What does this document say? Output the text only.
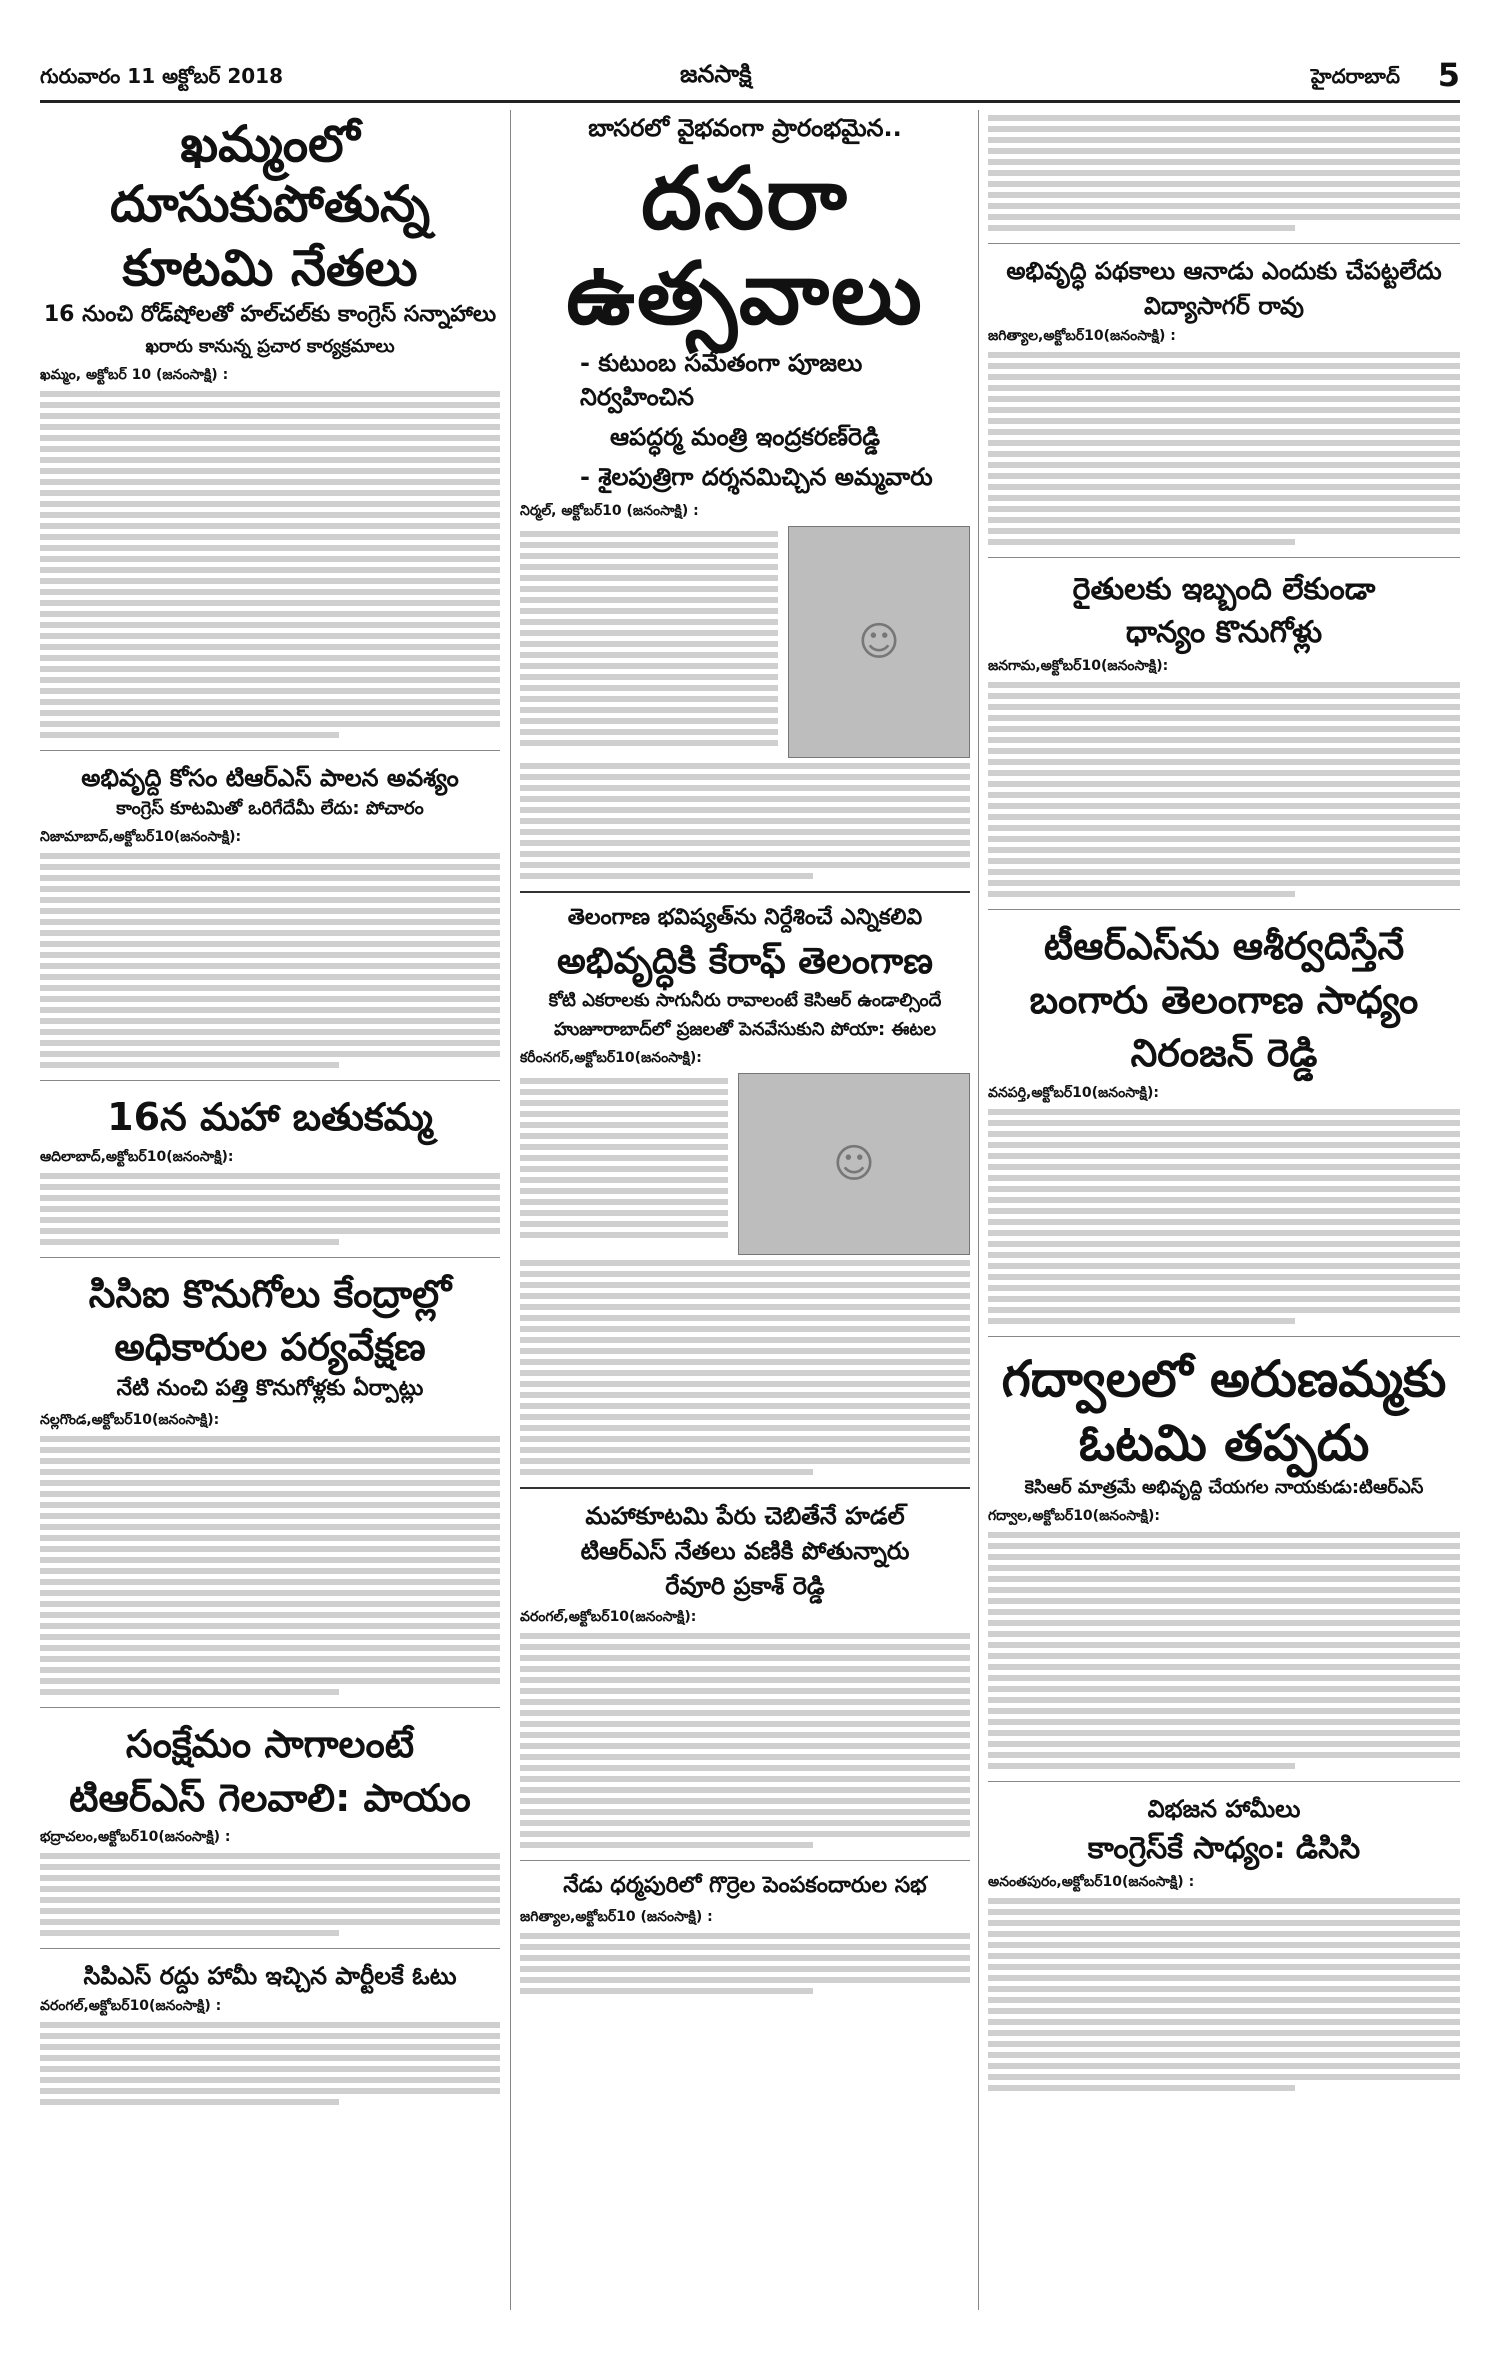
గురువారం 11 అక్టోబర్ 2018	జనసాక్షి	హైదరాబాద్ 5
ఖమ్మంలో దూసుకుపోతున్న
కూటమి నేతలు
16 నుంచి రోడ్‌షోలతో హల్‌చల్‌కు కాంగ్రెస్‌ సన్నాహాలు
ఖరారు కానున్న ప్రచార కార్యక్రమాలు
ఖమ్మం, అక్టోబర్‌ 10 (జనంసాక్షి) :
అభివృద్ది కోసం టిఆర్‌ఎస్‌ పాలన అవశ్యం
కాంగ్రెస్‌ కూటమితో ఒరిగేదేమీ లేదు: పోచారం
నిజామాబాద్‌,అక్టోబర్‌10(జనంసాక్షి):
16న మహా బతుకమ్మ
ఆదిలాబాద్‌,అక్టోబర్‌10(జనంసాక్షి):
సిసిఐ కొనుగోలు కేంద్రాల్లో
అధికారుల పర్యవేక్షణ
నేటి నుంచి పత్తి కొనుగోళ్లకు ఏర్పాట్లు
నల్లగొండ,అక్టోబర్‌10(జనంసాక్షి):
సంక్షేమం సాగాలంటే
టిఆర్‌ఎస్‌ గెలవాలి: పాయం
భద్రాచలం,అక్టోబర్‌10(జనంసాక్షి) :
సిపిఎస్‌ రద్దు హామీ ఇచ్చిన పార్టీలకే ఓటు
వరంగల్‌,అక్టోబర్‌10(జనంసాక్షి) :
బాసరలో వైభవంగా ప్రారంభమైన..
దసరా ఉత్సవాలు
- కుటుంబ సమేతంగా పూజలు నిర్వహించిన
ఆపద్ధర్మ మంత్రి ఇంద్రకరణ్‌రెడ్డి
- శైలపుత్రిగా దర్శనమిచ్చిన అమ్మవారు
నిర్మల్‌, అక్టోబర్‌10 (జనంసాక్షి) :
☺
తెలంగాణ భవిష్యత్‌ను నిర్దేశించే ఎన్నికలివి
అభివృద్ధికి కేరాఫ్‌ తెలంగాణ
కోటి ఎకరాలకు సాగునీరు రావాలంటే కెసిఆర్‌ ఉండాల్సిందే
హుజూరాబాద్‌లో ప్రజలతో పెనవేసుకుని పోయా: ఈటల
కరీంనగర్‌,అక్టోబర్‌10(జనంసాక్షి):
☺
మహాకూటమి పేరు చెబితేనే హడల్‌
టిఆర్‌ఎస్‌ నేతలు వణికి పోతున్నారు
రేవూరి ప్రకాశ్‌ రెడ్డి
వరంగల్‌,అక్టోబర్‌10(జనంసాక్షి):
నేడు ధర్మపురిలో గొర్రెల పెంపకందారుల సభ
జగిత్యాల,అక్టోబర్‌10 (జనంసాక్షి) :
అభివృద్ధి పథకాలు ఆనాడు ఎందుకు చేపట్టలేదు
విద్యాసాగర్‌ రావు
జగిత్యాల,అక్టోబర్‌10(జనంసాక్షి) :
రైతులకు ఇబ్బంది లేకుండా
ధాన్యం కొనుగోళ్లు
జనగామ,అక్టోబర్‌10(జనంసాక్షి):
టీఆర్‌ఎస్‌ను ఆశీర్వదిస్తేనే
బంగారు తెలంగాణ సాధ్యం
నిరంజన్‌ రెడ్డి
వనపర్తి,అక్టోబర్‌10(జనంసాక్షి):
గద్వాలలో అరుణమ్మకు
ఓటమి తప్పదు
కెసిఆర్‌ మాత్రమే అభివృద్ది చేయగల నాయకుడు:టిఆర్‌ఎస్‌
గద్వాల,అక్టోబర్‌10(జనంసాక్షి):
విభజన హామీలు
కాంగ్రెస్‌కే సాధ్యం: డిసిసి
అనంతపురం,అక్టోబర్‌10(జనంసాక్షి) :
